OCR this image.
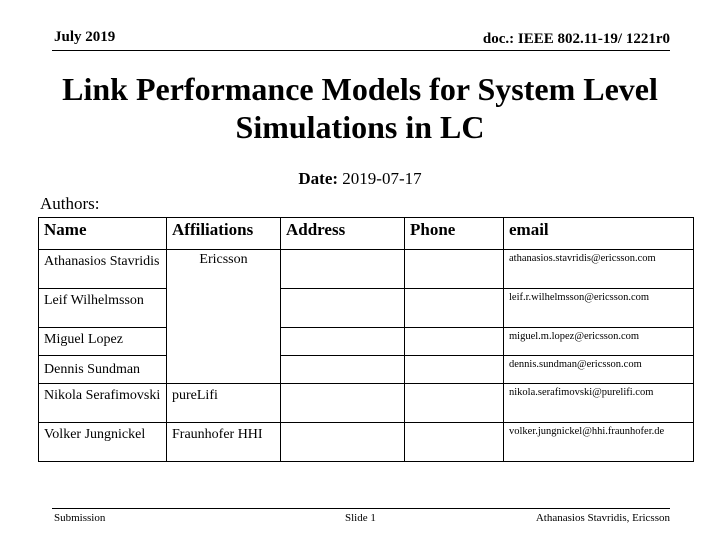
July 2019	doc.: IEEE 802.11-19/ 1221r0
Link Performance Models for System Level Simulations in LC
Date: 2019-07-17
Authors:
Name	Affiliations	Address	Phone	email
Athanasios Stavridis	Ericsson			athanasios.stavridis@ericsson.com
Leif Wilhelmsson				leif.r.wilhelmsson@ericsson.com
Miguel Lopez				miguel.m.lopez@ericsson.com
Dennis Sundman				dennis.sundman@ericsson.com
Nikola Serafimovski	pureLifi			nikola.serafimovski@purelifi.com
Volker Jungnickel	Fraunhofer HHI			volker.jungnickel@hhi.fraunhofer.de
Submission	Slide 1	Athanasios Stavridis, Ericsson
